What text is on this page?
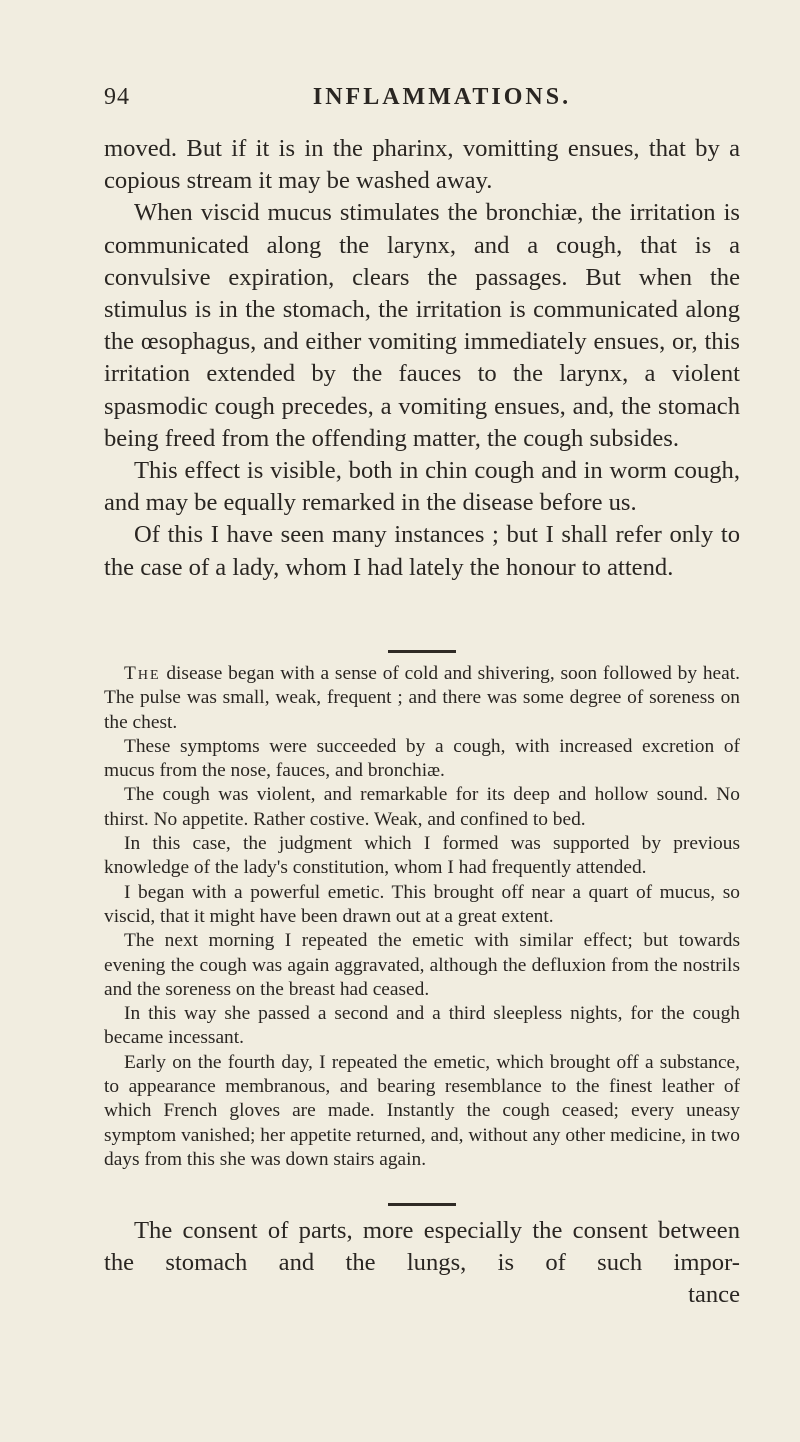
94	INFLAMMATIONS.

moved. But if it is in the pharinx, vomitting ensues, that by a copious stream it may be washed away.

When viscid mucus stimulates the bronchiæ, the irritation is communicated along the larynx, and a cough, that is a convulsive expiration, clears the passages. But when the stimulus is in the stomach, the irritation is communicated along the œsophagus, and either vomiting immediately ensues, or, this irritation extended by the fauces to the larynx, a violent spasmodic cough precedes, a vomiting ensues, and, the stomach being freed from the offending matter, the cough subsides.

This effect is visible, both in chin cough and in worm cough, and may be equally remarked in the disease before us.

Of this I have seen many instances ; but I shall refer only to the case of a lady, whom I had lately the honour to attend.

The disease began with a sense of cold and shivering, soon followed by heat. The pulse was small, weak, frequent ; and there was some degree of soreness on the chest.

These symptoms were succeeded by a cough, with increased excretion of mucus from the nose, fauces, and bronchiæ.

The cough was violent, and remarkable for its deep and hollow sound. No thirst. No appetite. Rather costive. Weak, and confined to bed.

In this case, the judgment which I formed was supported by previous knowledge of the lady's constitution, whom I had frequently attended.

I began with a powerful emetic. This brought off near a quart of mucus, so viscid, that it might have been drawn out at a great extent.

The next morning I repeated the emetic with similar effect; but towards evening the cough was again aggravated, although the defluxion from the nostrils and the soreness on the breast had ceased.

In this way she passed a second and a third sleepless nights, for the cough became incessant.

Early on the fourth day, I repeated the emetic, which brought off a substance, to appearance membranous, and bearing resemblance to the finest leather of which French gloves are made. Instantly the cough ceased; every uneasy symptom vanished; her appetite returned, and, without any other medicine, in two days from this she was down stairs again.

The consent of parts, more especially the consent between the stomach and the lungs, is of such impor-

tance
